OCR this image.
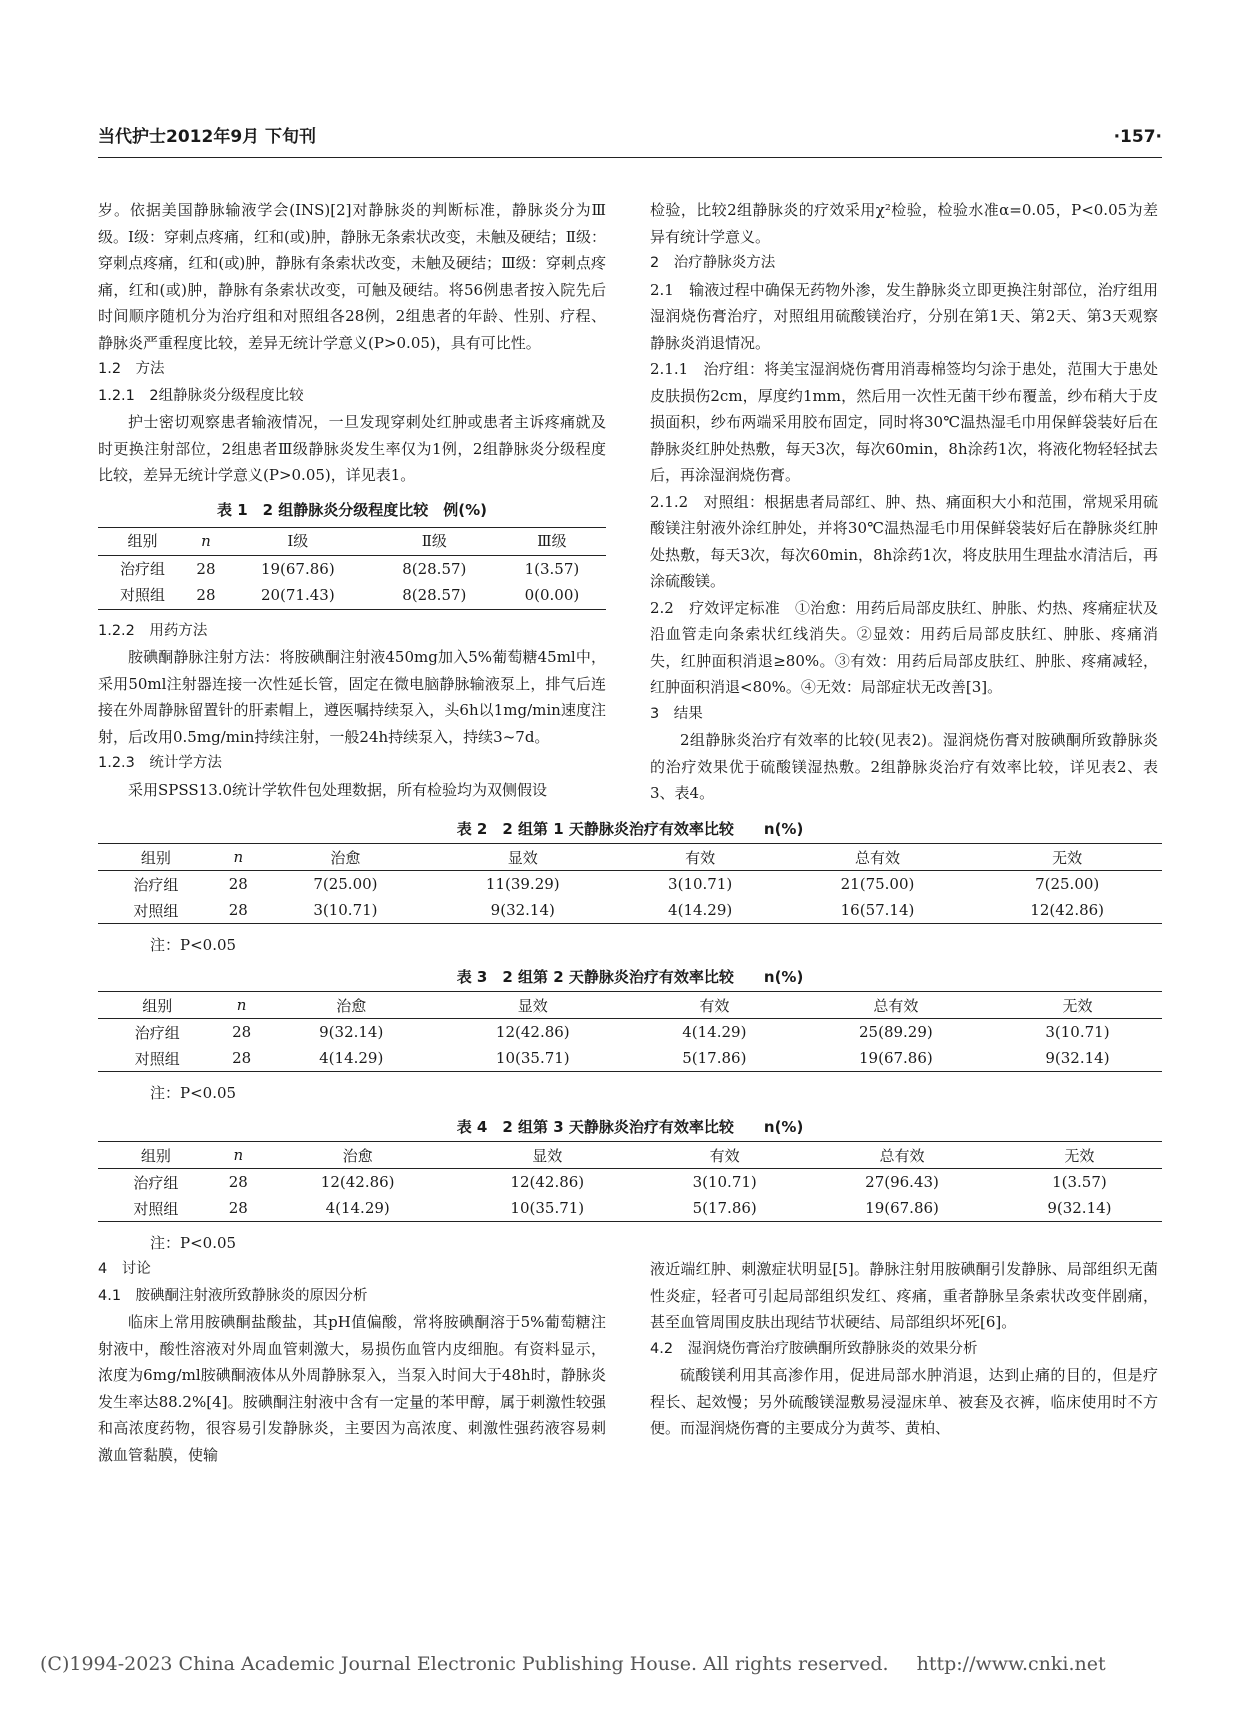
当代护士2012年9月 下旬刊	·157·

岁。依据美国静脉输液学会(INS)[2]对静脉炎的判断标准，静脉炎分为Ⅲ级。Ⅰ级：穿刺点疼痛，红和(或)肿，静脉无条索状改变，未触及硬结；Ⅱ级：穿刺点疼痛，红和(或)肿，静脉有条索状改变，未触及硬结；Ⅲ级：穿刺点疼痛，红和(或)肿，静脉有条索状改变，可触及硬结。将56例患者按入院先后时间顺序随机分为治疗组和对照组各28例，2组患者的年龄、性别、疗程、静脉炎严重程度比较，差异无统计学意义(P>0.05)，具有可比性。

1.2　方法

1.2.1　2组静脉炎分级程度比较

护士密切观察患者输液情况，一旦发现穿刺处红肿或患者主诉疼痛就及时更换注射部位，2组患者Ⅲ级静脉炎发生率仅为1例，2组静脉炎分级程度比较，差异无统计学意义(P>0.05)，详见表1。

表 1　2 组静脉炎分级程度比较　例(%)
组别	n	Ⅰ级	Ⅱ级	Ⅲ级
治疗组	28	19(67.86)	8(28.57)	1(3.57)
对照组	28	20(71.43)	8(28.57)	0(0.00)

1.2.2　用药方法

胺碘酮静脉注射方法：将胺碘酮注射液450mg加入5%葡萄糖45ml中，采用50ml注射器连接一次性延长管，固定在微电脑静脉输液泵上，排气后连接在外周静脉留置针的肝素帽上，遵医嘱持续泵入，头6h以1mg/min速度注射，后改用0.5mg/min持续注射，一般24h持续泵入，持续3~7d。

1.2.3　统计学方法

采用SPSS13.0统计学软件包处理数据，所有检验均为双侧假设

检验，比较2组静脉炎的疗效采用χ²检验，检验水准α=0.05，P<0.05为差异有统计学意义。

2　治疗静脉炎方法

2.1　输液过程中确保无药物外渗，发生静脉炎立即更换注射部位，治疗组用湿润烧伤膏治疗，对照组用硫酸镁治疗，分别在第1天、第2天、第3天观察静脉炎消退情况。

2.1.1　治疗组：将美宝湿润烧伤膏用消毒棉签均匀涂于患处，范围大于患处皮肤损伤2cm，厚度约1mm，然后用一次性无菌干纱布覆盖，纱布稍大于皮损面积，纱布两端采用胶布固定，同时将30℃温热湿毛巾用保鲜袋装好后在静脉炎红肿处热敷，每天3次，每次60min，8h涂药1次，将液化物轻轻拭去后，再涂湿润烧伤膏。

2.1.2　对照组：根据患者局部红、肿、热、痛面积大小和范围，常规采用硫酸镁注射液外涂红肿处，并将30℃温热湿毛巾用保鲜袋装好后在静脉炎红肿处热敷，每天3次，每次60min，8h涂药1次，将皮肤用生理盐水清洁后，再涂硫酸镁。

2.2　疗效评定标准　①治愈：用药后局部皮肤红、肿胀、灼热、疼痛症状及沿血管走向条索状红线消失。②显效：用药后局部皮肤红、肿胀、疼痛消失，红肿面积消退≥80%。③有效：用药后局部皮肤红、肿胀、疼痛减轻，红肿面积消退<80%。④无效：局部症状无改善[3]。

3　结果

2组静脉炎治疗有效率的比较(见表2)。湿润烧伤膏对胺碘酮所致静脉炎的治疗效果优于硫酸镁湿热敷。2组静脉炎治疗有效率比较，详见表2、表3、表4。

表 2　2 组第 1 天静脉炎治疗有效率比较　　n(%)
组别	n	治愈	显效	有效	总有效	无效
治疗组	28	7(25.00)	11(39.29)	3(10.71)	21(75.00)	7(25.00)
对照组	28	3(10.71)	9(32.14)	4(14.29)	16(57.14)	12(42.86)
注：P<0.05
表 3　2 组第 2 天静脉炎治疗有效率比较　　n(%)
组别	n	治愈	显效	有效	总有效	无效
治疗组	28	9(32.14)	12(42.86)	4(14.29)	25(89.29)	3(10.71)
对照组	28	4(14.29)	10(35.71)	5(17.86)	19(67.86)	9(32.14)
注：P<0.05
表 4　2 组第 3 天静脉炎治疗有效率比较　　n(%)
组别	n	治愈	显效	有效	总有效	无效
治疗组	28	12(42.86)	12(42.86)	3(10.71)	27(96.43)	1(3.57)
对照组	28	4(14.29)	10(35.71)	5(17.86)	19(67.86)	9(32.14)
注：P<0.05

4　讨论

4.1　胺碘酮注射液所致静脉炎的原因分析

临床上常用胺碘酮盐酸盐，其pH值偏酸，常将胺碘酮溶于5%葡萄糖注射液中，酸性溶液对外周血管刺激大，易损伤血管内皮细胞。有资料显示，浓度为6mg/ml胺碘酮液体从外周静脉泵入，当泵入时间大于48h时，静脉炎发生率达88.2%[4]。胺碘酮注射液中含有一定量的苯甲醇，属于刺激性较强和高浓度药物，很容易引发静脉炎，主要因为高浓度、刺激性强药液容易刺激血管黏膜，使输

液近端红肿、刺激症状明显[5]。静脉注射用胺碘酮引发静脉、局部组织无菌性炎症，轻者可引起局部组织发红、疼痛，重者静脉呈条索状改变伴剧痛，甚至血管周围皮肤出现结节状硬结、局部组织坏死[6]。

4.2　湿润烧伤膏治疗胺碘酮所致静脉炎的效果分析

硫酸镁利用其高渗作用，促进局部水肿消退，达到止痛的目的，但是疗程长、起效慢；另外硫酸镁湿敷易浸湿床单、被套及衣裤，临床使用时不方便。而湿润烧伤膏的主要成分为黄芩、黄柏、

(C)1994-2023 China Academic Journal Electronic Publishing House. All rights reserved. http://www.cnki.net
